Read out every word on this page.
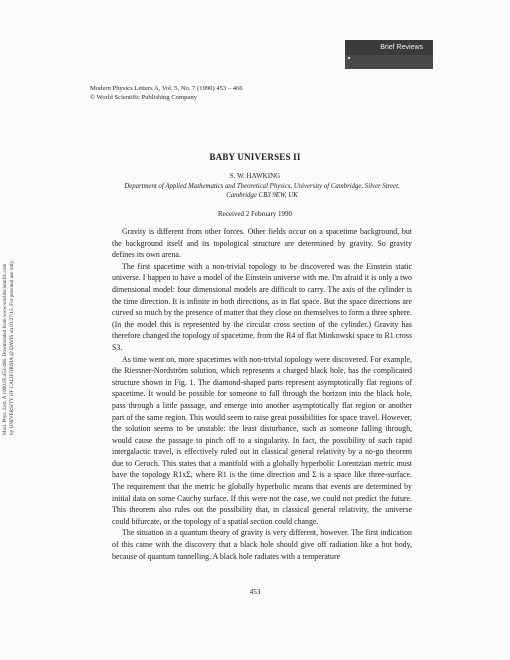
Mod. Phys. Lett. A 1990.05:453-466. Downloaded from www.worldscientific.com by UNIVERSITY OF CALIFORNIA @ DAVIS on 01/27/15. For personal use only.
Brief Reviews
Modern Physics Letters A, Vol. 5, No. 7 (1990) 453 – 466
© World Scientific Publishing Company
BABY UNIVERSES II
S. W. HAWKING
Department of Applied Mathematics and Theoretical Physics, University of Cambridge, Silver Street,
Cambridge CB3 9EW, UK
Received 2 February 1990

Gravity is different from other forces. Other fields occur on a spacetime background, but the background itself and its topological structure are determined by gravity. So gravity defines its own arena.

The first spacetime with a non-trivial topology to be discovered was the Einstein static universe. I happen to have a model of the Einstein universe with me. I'm afraid it is only a two dimensional model: four dimensional models are difficult to carry. The axis of the cylinder is the time direction. It is infinite in both directions, as in flat space. But the space directions are curved so much by the presence of matter that they close on themselves to form a three sphere. (In the model this is represented by the circular cross section of the cylinder.) Gravity has therefore changed the topology of spacetime, from the R4 of flat Minkowski space to R1 cross S3.

As time went on, more spacetimes with non-trivial topology were discovered. For example, the Riessner-Nordström solution, which represents a charged black hole, has the complicated structure shown in Fig. 1. The diamond-shaped parts represent asymptotically flat regions of spacetime. It would be possible for someone to fall through the horizon into the black hole, pass through a little passage, and emerge into another asymptotically flat region or another part of the same region. This would seem to raise great possibilities for space travel. However, the solution seems to be unstable: the least disturbance, such as someone falling through, would cause the passage to pinch off to a singularity. In fact, the possibility of such rapid intergalactic travel, is effectively ruled out in classical general relativity by a no-go theorem due to Geroch. This states that a manifold with a globally hyperbolic Lorentzian metric must have the topology R1xΣ, where R1 is the time direction and Σ is a space like three-surface. The requirement that the metric be globally hyperbolic means that events are determined by initial data on some Cauchy surface. If this were not the case, we could not predict the future. This theorem also rules out the possibility that, in classical general relativity, the universe could bifurcate, or the topology of a spatial section could change.

The situation in a quantum theory of gravity is very different, however. The first indication of this came with the discovery that a black hole should give off radiation like a hot body, because of quantum tunnelling. A black hole radiates with a temperature

453
